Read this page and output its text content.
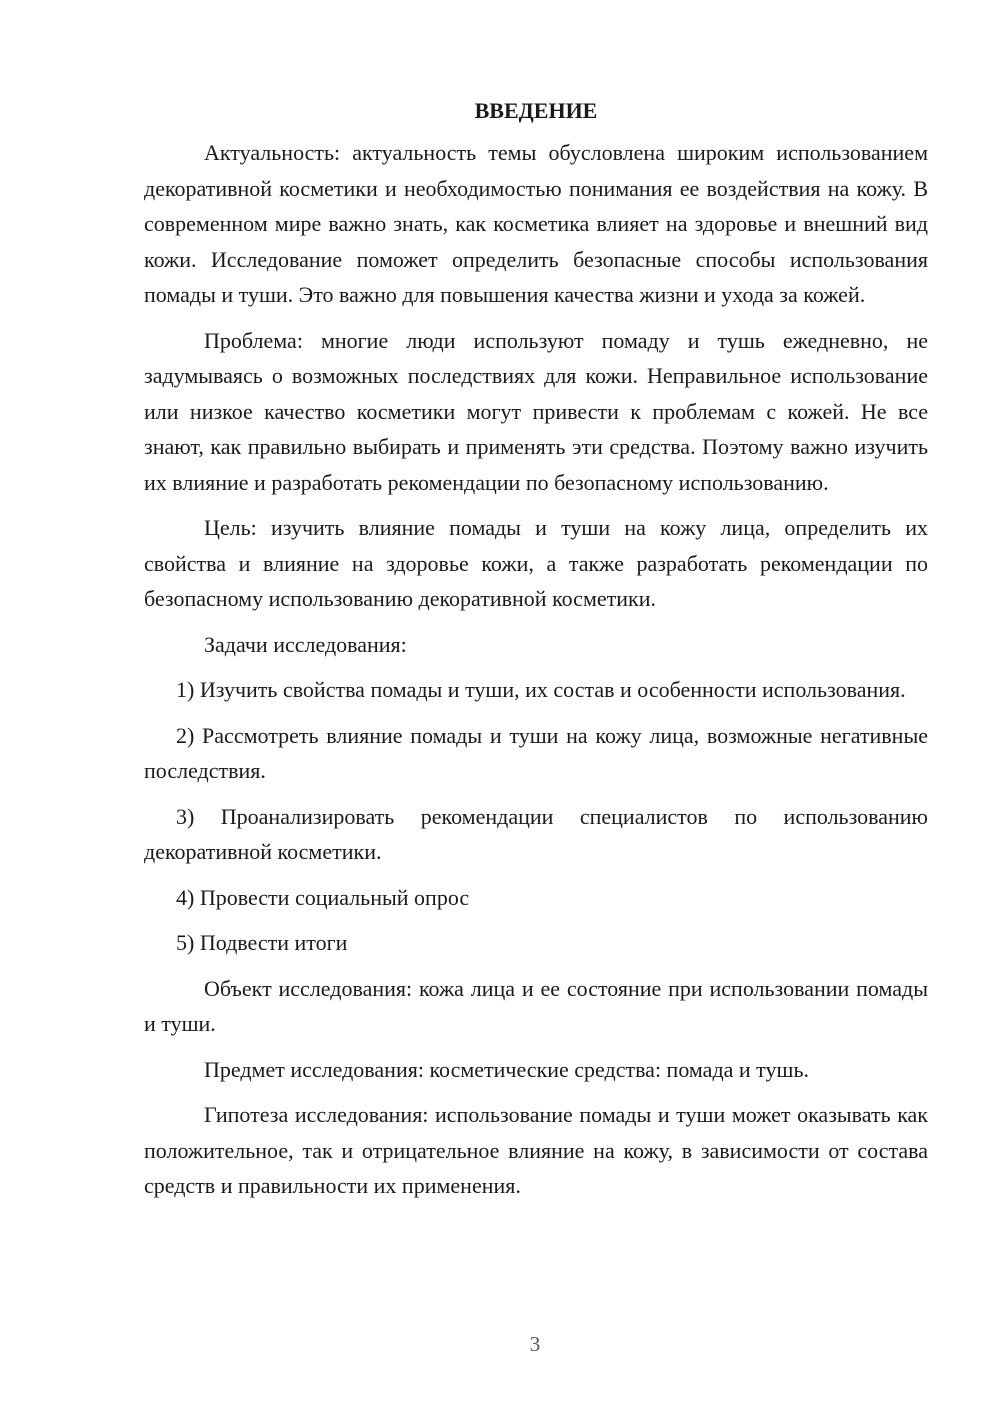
ВВЕДЕНИЕ

Актуальность: актуальность темы обусловлена широким использованием декоративной косметики и необходимостью понимания ее воздействия на кожу. В современном мире важно знать, как косметика влияет на здоровье и внешний вид кожи. Исследование поможет определить безопасные способы использования помады и туши. Это важно для повышения качества жизни и ухода за кожей.

Проблема: многие люди используют помаду и тушь ежедневно, не задумываясь о возможных последствиях для кожи. Неправильное использование или низкое качество косметики могут привести к проблемам с кожей. Не все знают, как правильно выбирать и применять эти средства. Поэтому важно изучить их влияние и разработать рекомендации по безопасному использованию.

Цель: изучить влияние помады и туши на кожу лица, определить их свойства и влияние на здоровье кожи, а также разработать рекомендации по безопасному использованию декоративной косметики.

Задачи исследования:

1) Изучить свойства помады и туши, их состав и особенности использования.

2) Рассмотреть влияние помады и туши на кожу лица, возможные негативные последствия.

3) Проанализировать рекомендации специалистов по использованию декоративной косметики.

4) Провести социальный опрос

5) Подвести итоги

Объект исследования: кожа лица и ее состояние при использовании помады и туши.

Предмет исследования: косметические средства: помада и тушь.

Гипотеза исследования: использование помады и туши может оказывать как положительное, так и отрицательное влияние на кожу, в зависимости от состава средств и правильности их применения.

3
